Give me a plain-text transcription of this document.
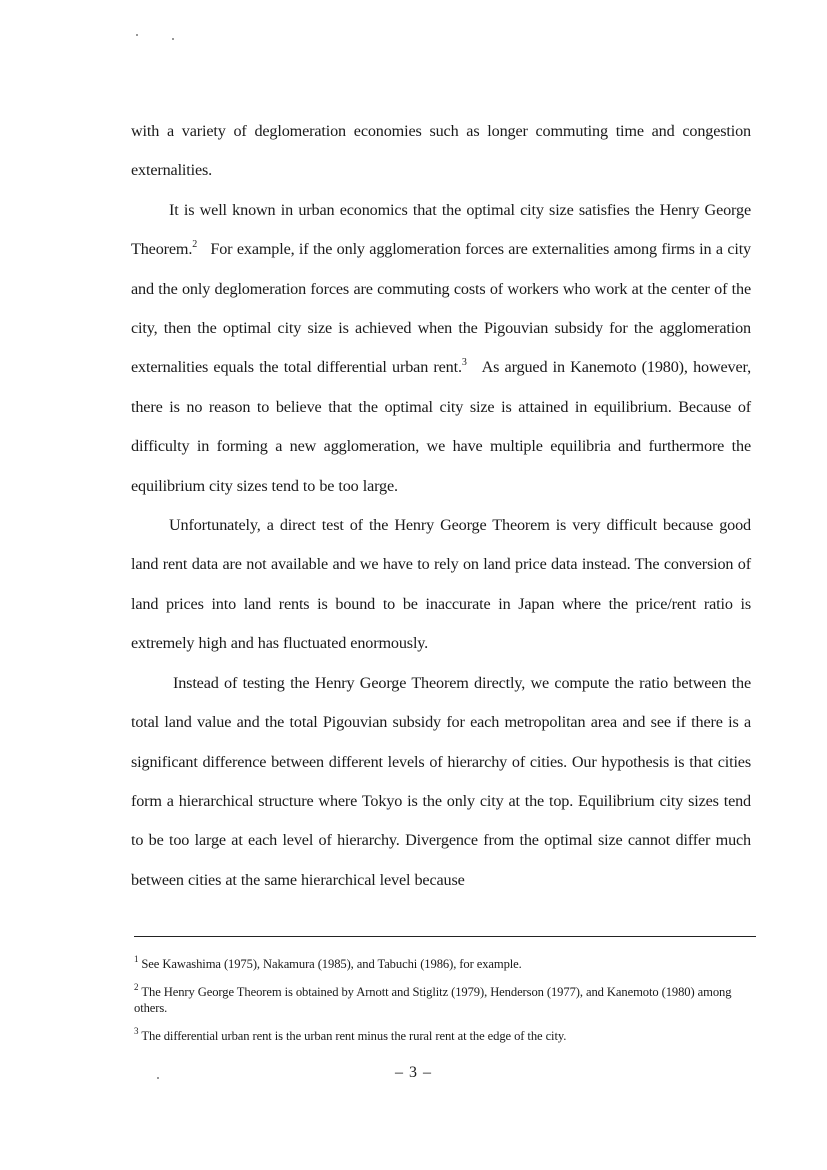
with a variety of deglomeration economies such as longer commuting time and congestion externalities.

It is well known in urban economics that the optimal city size satisfies the Henry George Theorem.$^2$ For example, if the only agglomeration forces are externalities among firms in a city and the only deglomeration forces are commuting costs of workers who work at the center of the city, then the optimal city size is achieved when the Pigouvian subsidy for the agglomeration externalities equals the total differential urban rent.$^3$ As argued in Kanemoto (1980), however, there is no reason to believe that the optimal city size is attained in equilibrium. Because of difficulty in forming a new agglomeration, we have multiple equilibria and furthermore the equilibrium city sizes tend to be too large.

Unfortunately, a direct test of the Henry George Theorem is very difficult because good land rent data are not available and we have to rely on land price data instead. The conversion of land prices into land rents is bound to be inaccurate in Japan where the price/rent ratio is extremely high and has fluctuated enormously.

Instead of testing the Henry George Theorem directly, we compute the ratio between the total land value and the total Pigouvian subsidy for each metropolitan area and see if there is a significant difference between different levels of hierarchy of cities. Our hypothesis is that cities form a hierarchical structure where Tokyo is the only city at the top. Equilibrium city sizes tend to be too large at each level of hierarchy. Divergence from the optimal size cannot differ much between cities at the same hierarchical level because

$^1$ See Kawashima (1975), Nakamura (1985), and Tabuchi (1986), for example.

$^2$ The Henry George Theorem is obtained by Arnott and Stiglitz (1979), Henderson (1977), and Kanemoto (1980) among others.

$^3$ The differential urban rent is the urban rent minus the rural rent at the edge of the city.

– 3 –
